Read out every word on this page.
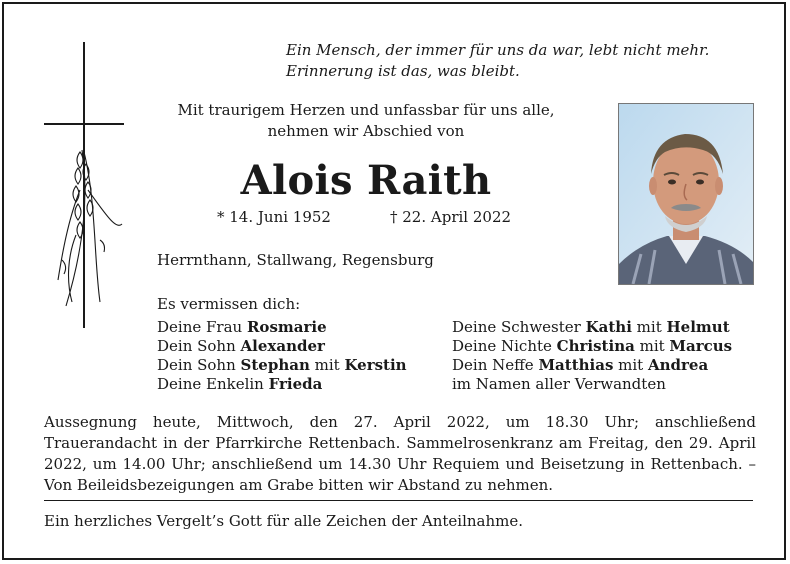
Ein Mensch, der immer für uns da war, lebt nicht mehr.
Erinnerung ist das, was bleibt.
Mit traurigem Herzen und unfassbar für uns alle,
nehmen wir Abschied von
Alois Raith
* 14. Juni 1952	† 22. April 2022
Herrnthann, Stallwang, Regensburg
Es vermissen dich:
Deine Frau Rosmarie
Dein Sohn Alexander
Dein Sohn Stephan mit Kerstin
Deine Enkelin Frieda
Deine Schwester Kathi mit Helmut
Deine Nichte Christina mit Marcus
Dein Neffe Matthias mit Andrea
im Namen aller Verwandten
Aussegnung heute, Mittwoch, den 27. April 2022, um 18.30 Uhr; anschließend Trauerandacht in der Pfarrkirche Rettenbach. Sammelrosenkranz am Freitag, den 29. April 2022, um 14.00 Uhr; anschließend um 14.30 Uhr Requiem und Beisetzung in Rettenbach. – Von Beileidsbezeigungen am Grabe bitten wir Abstand zu nehmen.
Ein herzliches Vergelt’s Gott für alle Zeichen der Anteilnahme.
